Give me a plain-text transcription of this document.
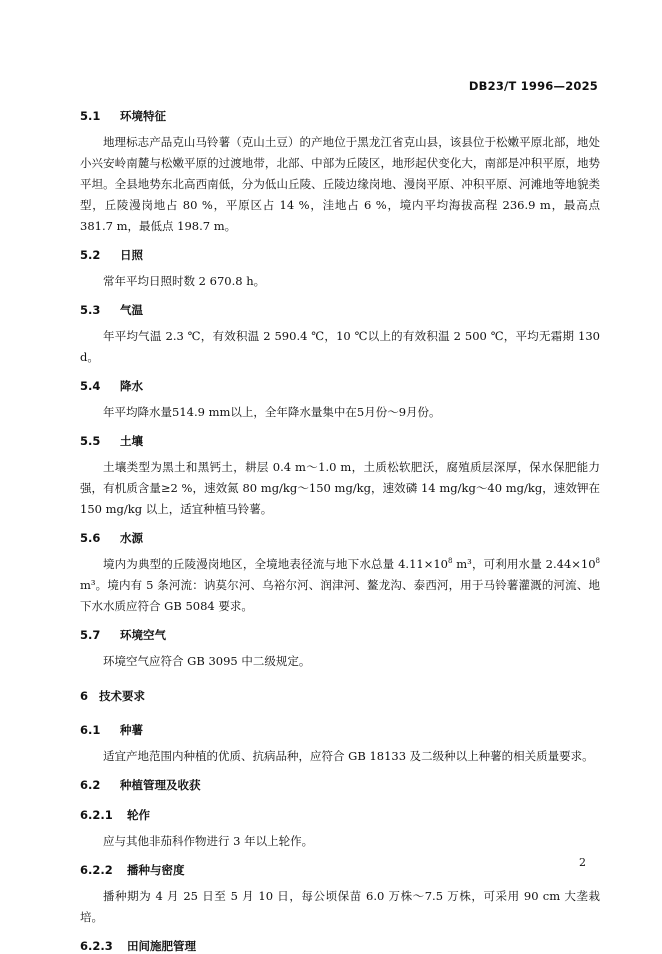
DB23/T 1996—2025
5.1 环境特征
地理标志产品克山马铃薯（克山土豆）的产地位于黑龙江省克山县，该县位于松嫩平原北部，地处小兴安岭南麓与松嫩平原的过渡地带，北部、中部为丘陵区，地形起伏变化大，南部是冲积平原，地势平坦。全县地势东北高西南低，分为低山丘陵、丘陵边缘岗地、漫岗平原、冲积平原、河滩地等地貌类型，丘陵漫岗地占 80 %，平原区占 14 %，洼地占 6 %，境内平均海拔高程 236.9 m，最高点 381.7 m，最低点 198.7 m。
5.2 日照
常年平均日照时数 2 670.8 h。
5.3 气温
年平均气温 2.3 ℃，有效积温 2 590.4 ℃，10 ℃以上的有效积温 2 500 ℃，平均无霜期 130 d。
5.4 降水
年平均降水量514.9 mm以上，全年降水量集中在5月份～9月份。
5.5 土壤
土壤类型为黑土和黑钙土，耕层 0.4 m～1.0 m，土质松软肥沃，腐殖质层深厚，保水保肥能力强，有机质含量≥2 %，速效氮 80 mg/kg～150 mg/kg，速效磷 14 mg/kg～40 mg/kg，速效钾在 150 mg/kg 以上，适宜种植马铃薯。
5.6 水源
境内为典型的丘陵漫岗地区，全境地表径流与地下水总量 $4.11\times 10^8$ m³，可利用水量 $2.44\times 10^8$ m³。境内有 5 条河流：讷莫尔河、乌裕尔河、润津河、鳌龙沟、泰西河，用于马铃薯灌溉的河流、地下水水质应符合 GB 5084 要求。
5.7 环境空气
环境空气应符合 GB 3095 中二级规定。
6 技术要求
6.1 种薯
适宜产地范围内种植的优质、抗病品种，应符合 GB 18133 及二级种以上种薯的相关质量要求。
6.2 种植管理及收获
6.2.1 轮作
应与其他非茄科作物进行 3 年以上轮作。
6.2.2 播种与密度
播种期为 4 月 25 日至 5 月 10 日，每公顷保苗 6.0 万株～7.5 万株，可采用 90 cm 大垄栽培。
6.2.3 田间施肥管理
2
